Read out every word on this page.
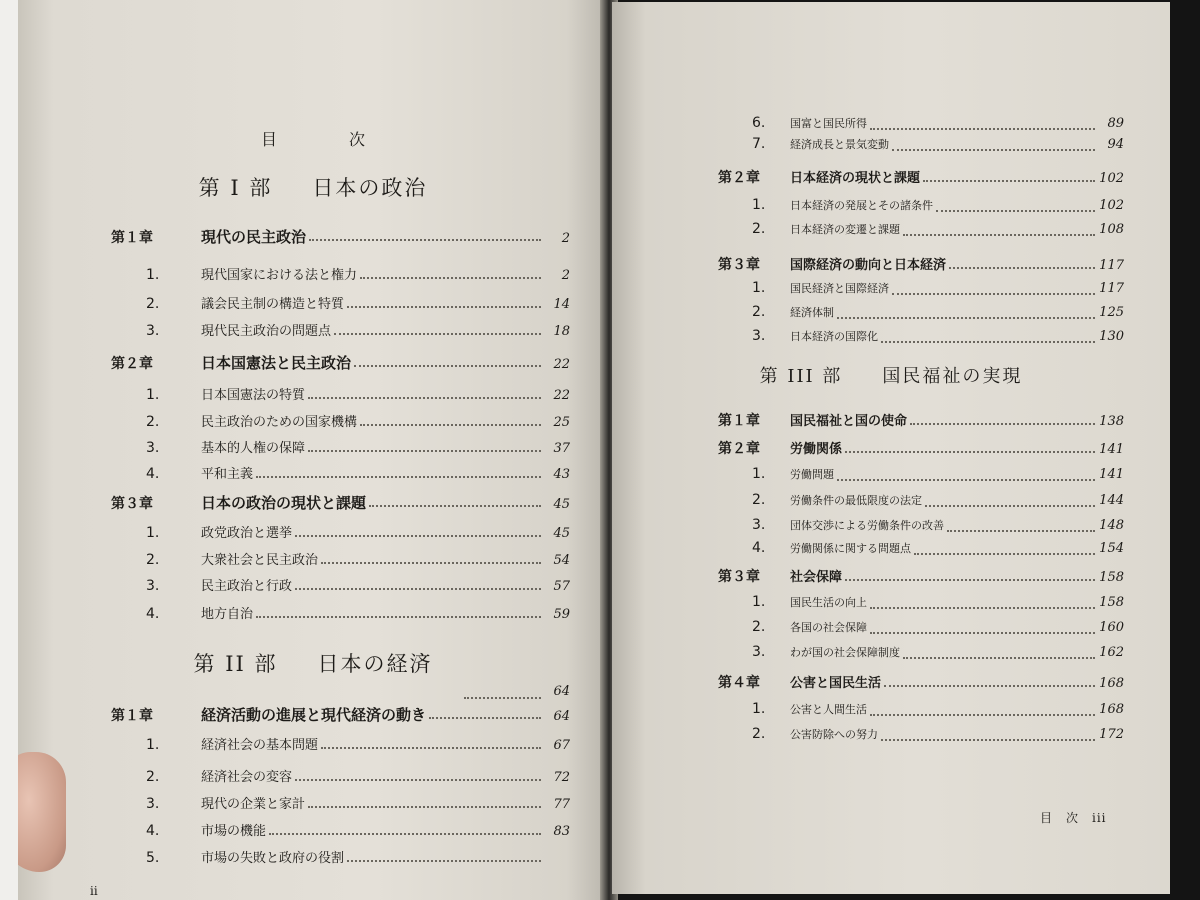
目　次
第 I 部 日本の政治
第 II 部 日本の経済
第１章	現代の民主政治	2
1.	現代国家における法と権力	2
2.	議会民主制の構造と特質	14
3.	現代民主政治の問題点	18
第２章	日本国憲法と民主政治	22
1.	日本国憲法の特質	22
2.	民主政治のための国家機構	25
3.	基本的人権の保障	37
4.	平和主義	43
第３章	日本の政治の現状と課題	45
1.	政党政治と選挙	45
2.	大衆社会と民主政治	54
3.	民主政治と行政	57
4.	地方自治	59
64
第１章	経済活動の進展と現代経済の動き	64
1.	経済社会の基本問題	67
2.	経済社会の変容	72
3.	現代の企業と家計	77
4.	市場の機能	83
5.	市場の失敗と政府の役割
ii
第 III 部 国民福祉の実現
6.	国富と国民所得	89
7.	経済成長と景気変動	94
第２章	日本経済の現状と課題	102
1.	日本経済の発展とその諸条件	102
2.	日本経済の変遷と課題	108
第３章	国際経済の動向と日本経済	117
1.	国民経済と国際経済	117
2.	経済体制	125
3.	日本経済の国際化	130
第１章	国民福祉と国の使命	138
第２章	労働関係	141
1.	労働問題	141
2.	労働条件の最低限度の法定	144
3.	団体交渉による労働条件の改善	148
4.	労働関係に関する問題点	154
第３章	社会保障	158
1.	国民生活の向上	158
2.	各国の社会保障	160
3.	わが国の社会保障制度	162
第４章	公害と国民生活	168
1.	公害と人間生活	168
2.	公害防除への努力	172
目　次　iii
